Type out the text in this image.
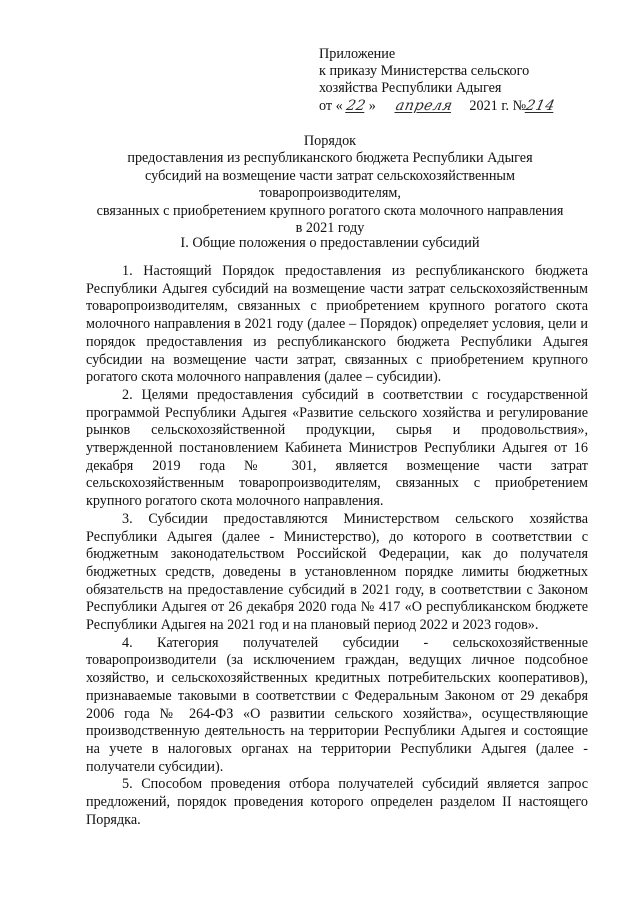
Приложение
к приказу Министерства сельского
хозяйства Республики Адыгея
от « 22 » апреля 2021 г. №214
Порядок
предоставления из республиканского бюджета Республики Адыгея
субсидий на возмещение части затрат сельскохозяйственным товаропроизводителям,
связанных с приобретением крупного рогатого скота молочного направления
в 2021 году
I. Общие положения о предоставлении субсидий

1. Настоящий Порядок предоставления из республиканского бюджета Республики Адыгея субсидий на возмещение части затрат сельскохозяйственным товаропроизводителям, связанных с приобретением крупного рогатого скота молочного направления в 2021 году (далее – Порядок) определяет условия, цели и порядок предоставления из республиканского бюджета Республики Адыгея субсидии на возмещение части затрат, связанных с приобретением крупного рогатого скота молочного направления (далее – субсидии).

2. Целями предоставления субсидий в соответствии с государственной программой Республики Адыгея «Развитие сельского хозяйства и регулирование рынков сельскохозяйственной продукции, сырья и продовольствия», утвержденной постановлением Кабинета Министров Республики Адыгея от 16 декабря 2019 года № 301, является возмещение части затрат сельскохозяйственным товаропроизводителям, связанных с приобретением крупного рогатого скота молочного направления.

3. Субсидии предоставляются Министерством сельского хозяйства Республики Адыгея (далее - Министерство), до которого в соответствии с бюджетным законодательством Российской Федерации, как до получателя бюджетных средств, доведены в установленном порядке лимиты бюджетных обязательств на предоставление субсидий в 2021 году, в соответствии с Законом Республики Адыгея от 26 декабря 2020 года № 417 «О республиканском бюджете Республики Адыгея на 2021 год и на плановый период 2022 и 2023 годов».

4. Категория получателей субсидии - сельскохозяйственные товаропроизводители (за исключением граждан, ведущих личное подсобное хозяйство, и сельскохозяйственных кредитных потребительских кооперативов), признаваемые таковыми в соответствии с Федеральным Законом от 29 декабря 2006 года № 264-ФЗ «О развитии сельского хозяйства», осуществляющие производственную деятельность на территории Республики Адыгея и состоящие на учете в налоговых органах на территории Республики Адыгея (далее - получатели субсидии).

5. Способом проведения отбора получателей субсидий является запрос предложений, порядок проведения которого определен разделом II настоящего Порядка.
